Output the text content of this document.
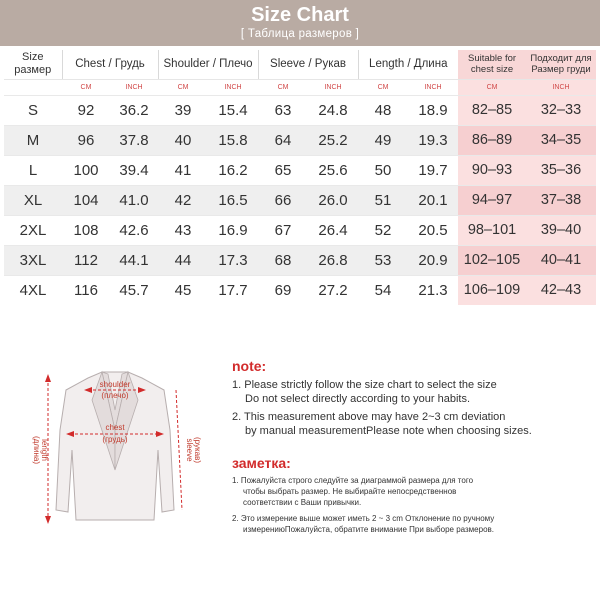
Size Chart
[ Таблица размеров ]
Size
размер	Chest / Грудь		Shoulder / Плечо		Sleeve / Рукав		Length / Длина		Suitable for
chest size	Подходит для
Размер груди
	CM	INCH	CM	INCH	CM	INCH	CM	INCH	CM	INCH
S	92	36.2	39	15.4	63	24.8	48	18.9	82–85	32–33
M	96	37.8	40	15.8	64	25.2	49	19.3	86–89	34–35
L	100	39.4	41	16.2	65	25.6	50	19.7	90–93	35–36
XL	104	41.0	42	16.5	66	26.0	51	20.1	94–97	37–38
2XL	108	42.6	43	16.9	67	26.4	52	20.5	98–101	39–40
3XL	112	44.1	44	17.3	68	26.8	53	20.9	102–105	40–41
4XL	116	45.7	45	17.7	69	27.2	54	21.3	106–109	42–43
shoulder
(плечо)
chest
(грудь)
length
(длина)	sleeve (рукав)
note:
1. Please strictly follow the size chart to select the size
Do not select directly according to your habits.
2. This measurement above may have 2~3 cm deviation
by manual measurementPlease note when choosing sizes.
заметка:
1. Пожалуйста строго следуйте за диаграммой размера для того
чтобы выбрать размер. Не выбирайте непосредственнов
соответствии с Ваши привычки.
2. Это измерение выше может иметь 2 ~ 3 cm Отклонение по ручному
измерениюПожалуйста, обратите внимание При выборе размеров.
